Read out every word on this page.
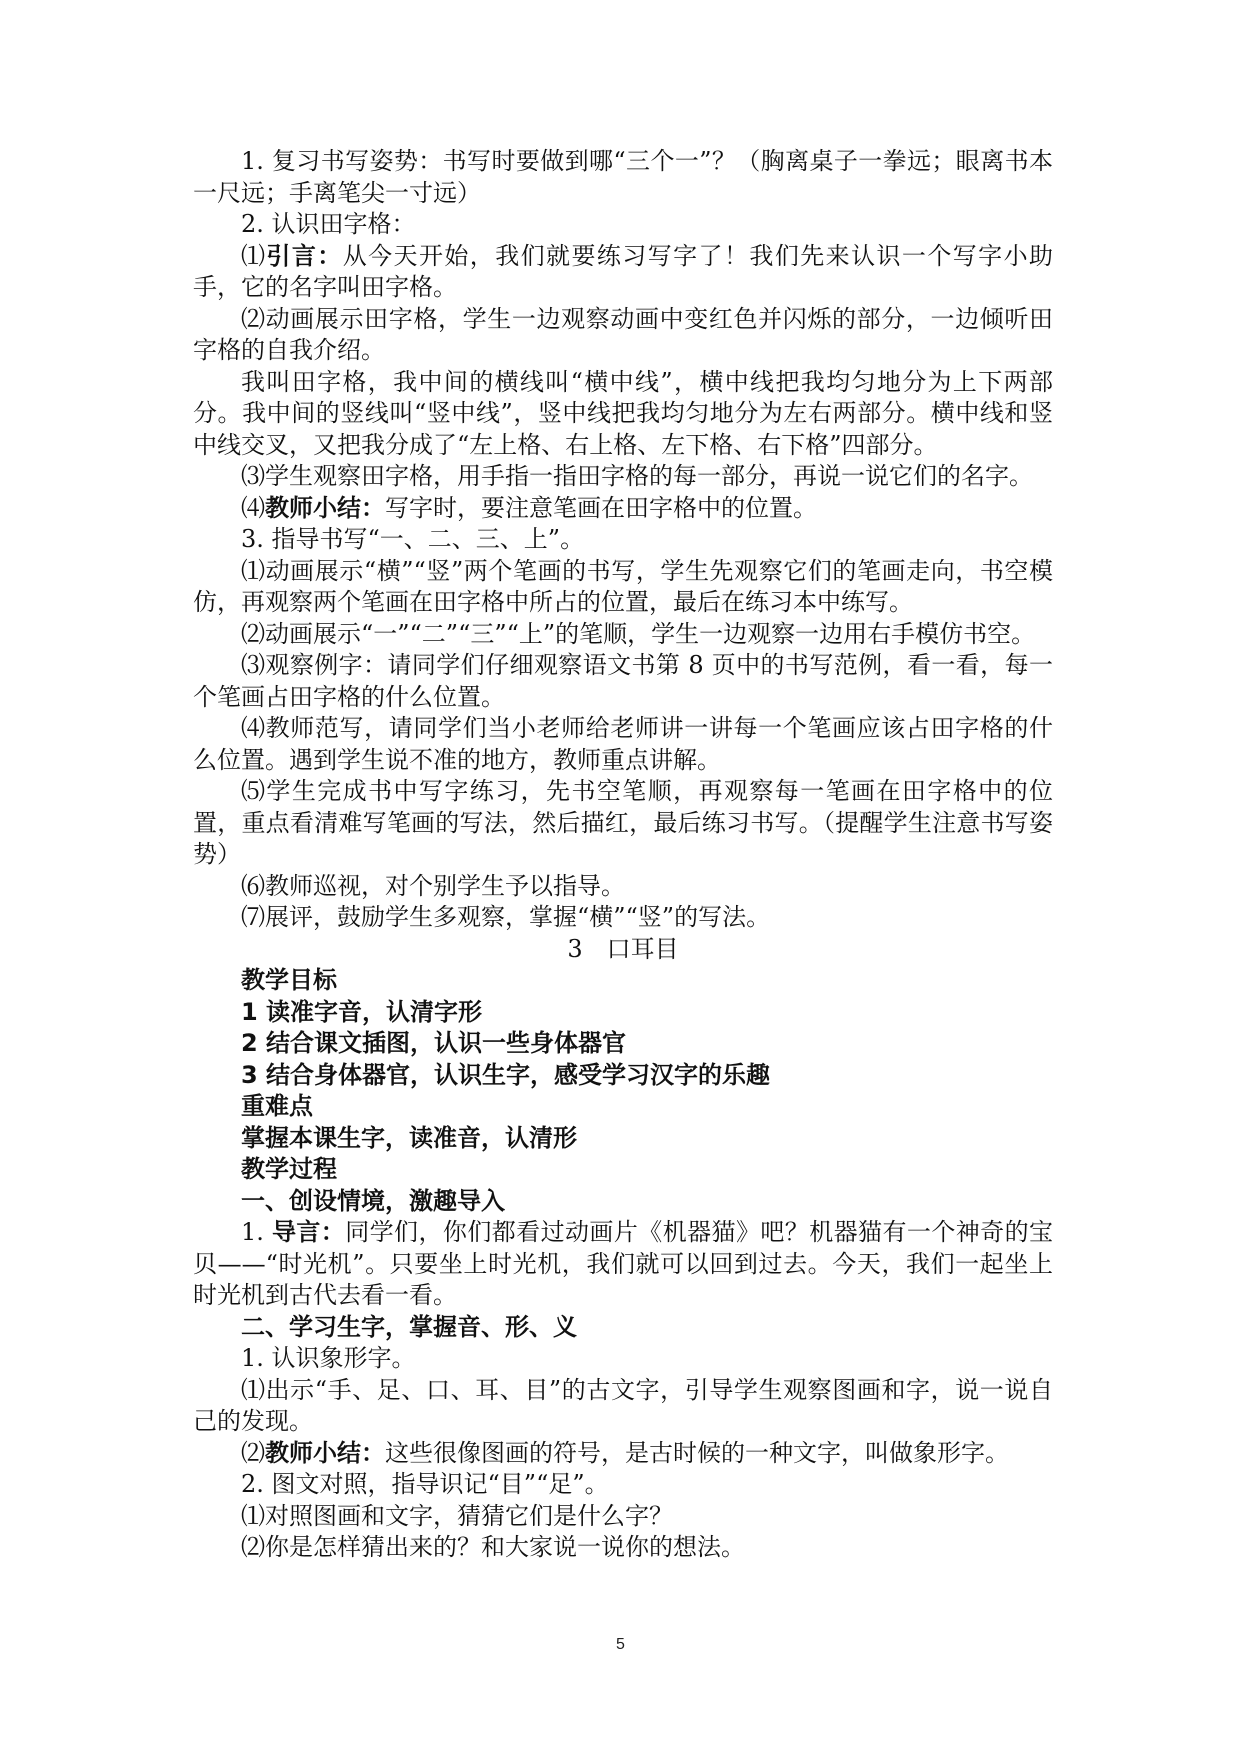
1. 复习书写姿势：书写时要做到哪“三个一”？（胸离桌子一拳远；眼离书本一尺远；手离笔尖一寸远）

2. 认识田字格：

⑴引言：从今天开始，我们就要练习写字了！我们先来认识一个写字小助手，它的名字叫田字格。

⑵动画展示田字格，学生一边观察动画中变红色并闪烁的部分，一边倾听田字格的自我介绍。

我叫田字格，我中间的横线叫“横中线”，横中线把我均匀地分为上下两部分。我中间的竖线叫“竖中线”，竖中线把我均匀地分为左右两部分。横中线和竖中线交叉，又把我分成了“左上格、右上格、左下格、右下格”四部分。

⑶学生观察田字格，用手指一指田字格的每一部分，再说一说它们的名字。

⑷教师小结：写字时，要注意笔画在田字格中的位置。

3. 指导书写“一、二、三、上”。

⑴动画展示“横”“竖”两个笔画的书写，学生先观察它们的笔画走向，书空模仿，再观察两个笔画在田字格中所占的位置，最后在练习本中练写。

⑵动画展示“一”“二”“三”“上”的笔顺，学生一边观察一边用右手模仿书空。

⑶观察例字：请同学们仔细观察语文书第 8 页中的书写范例，看一看，每一个笔画占田字格的什么位置。

⑷教师范写，请同学们当小老师给老师讲一讲每一个笔画应该占田字格的什么位置。遇到学生说不准的地方，教师重点讲解。

⑸学生完成书中写字练习，先书空笔顺，再观察每一笔画在田字格中的位置，重点看清难写笔画的写法，然后描红，最后练习书写。（提醒学生注意书写姿势）

⑹教师巡视，对个别学生予以指导。

⑺展评，鼓励学生多观察，掌握“横”“竖”的写法。

3　口耳目

教学目标

1 读准字音，认清字形

2 结合课文插图，认识一些身体器官

3 结合身体器官，认识生字，感受学习汉字的乐趣

重难点

掌握本课生字，读准音，认清形

教学过程

一、创设情境，激趣导入

1. 导言：同学们，你们都看过动画片《机器猫》吧？机器猫有一个神奇的宝贝——“时光机”。只要坐上时光机，我们就可以回到过去。今天，我们一起坐上时光机到古代去看一看。

二、学习生字，掌握音、形、义

1. 认识象形字。

⑴出示“手、足、口、耳、目”的古文字，引导学生观察图画和字，说一说自己的发现。

⑵教师小结：这些很像图画的符号，是古时候的一种文字，叫做象形字。

2. 图文对照，指导识记“目”“足”。

⑴对照图画和文字，猜猜它们是什么字？

⑵你是怎样猜出来的？和大家说一说你的想法。

5
